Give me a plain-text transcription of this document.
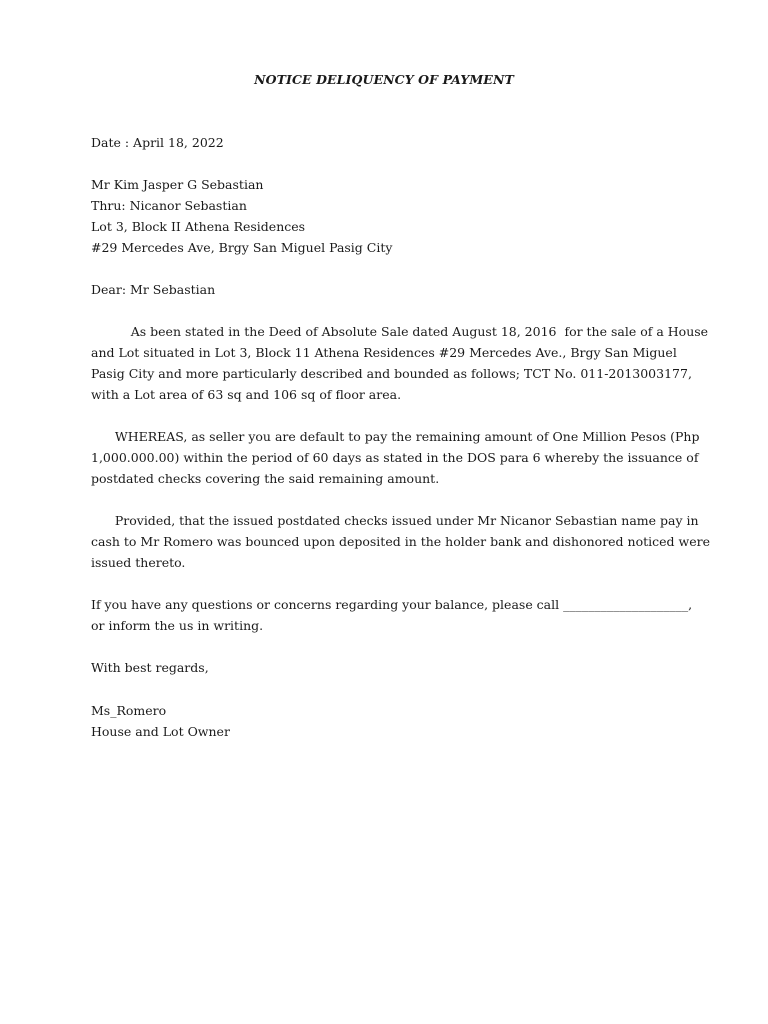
NOTICE DELIQUENCY OF PAYMENT
Date : April 18, 2022
Mr Kim Jasper G Sebastian
Thru: Nicanor Sebastian
Lot 3, Block II Athena Residences
#29 Mercedes Ave, Brgy San Miguel Pasig City
Dear: Mr Sebastian
As been stated in the Deed of Absolute Sale dated August 18, 2016  for the sale of a House
and Lot situated in Lot 3, Block 11 Athena Residences #29 Mercedes Ave., Brgy San Miguel
Pasig City and more particularly described and bounded as follows; TCT No. 011-2013003177,
with a Lot area of 63 sq and 106 sq of floor area.
WHEREAS, as seller you are default to pay the remaining amount of One Million Pesos (Php
1,000.000.00) within the period of 60 days as stated in the DOS para 6 whereby the issuance of
postdated checks covering the said remaining amount.
Provided, that the issued postdated checks issued under Mr Nicanor Sebastian name pay in
cash to Mr Romero was bounced upon deposited in the holder bank and dishonored noticed were
issued thereto.
If you have any questions or concerns regarding your balance, please call ____________________,
or inform the us in writing.
With best regards,
Ms_Romero
House and Lot Owner
